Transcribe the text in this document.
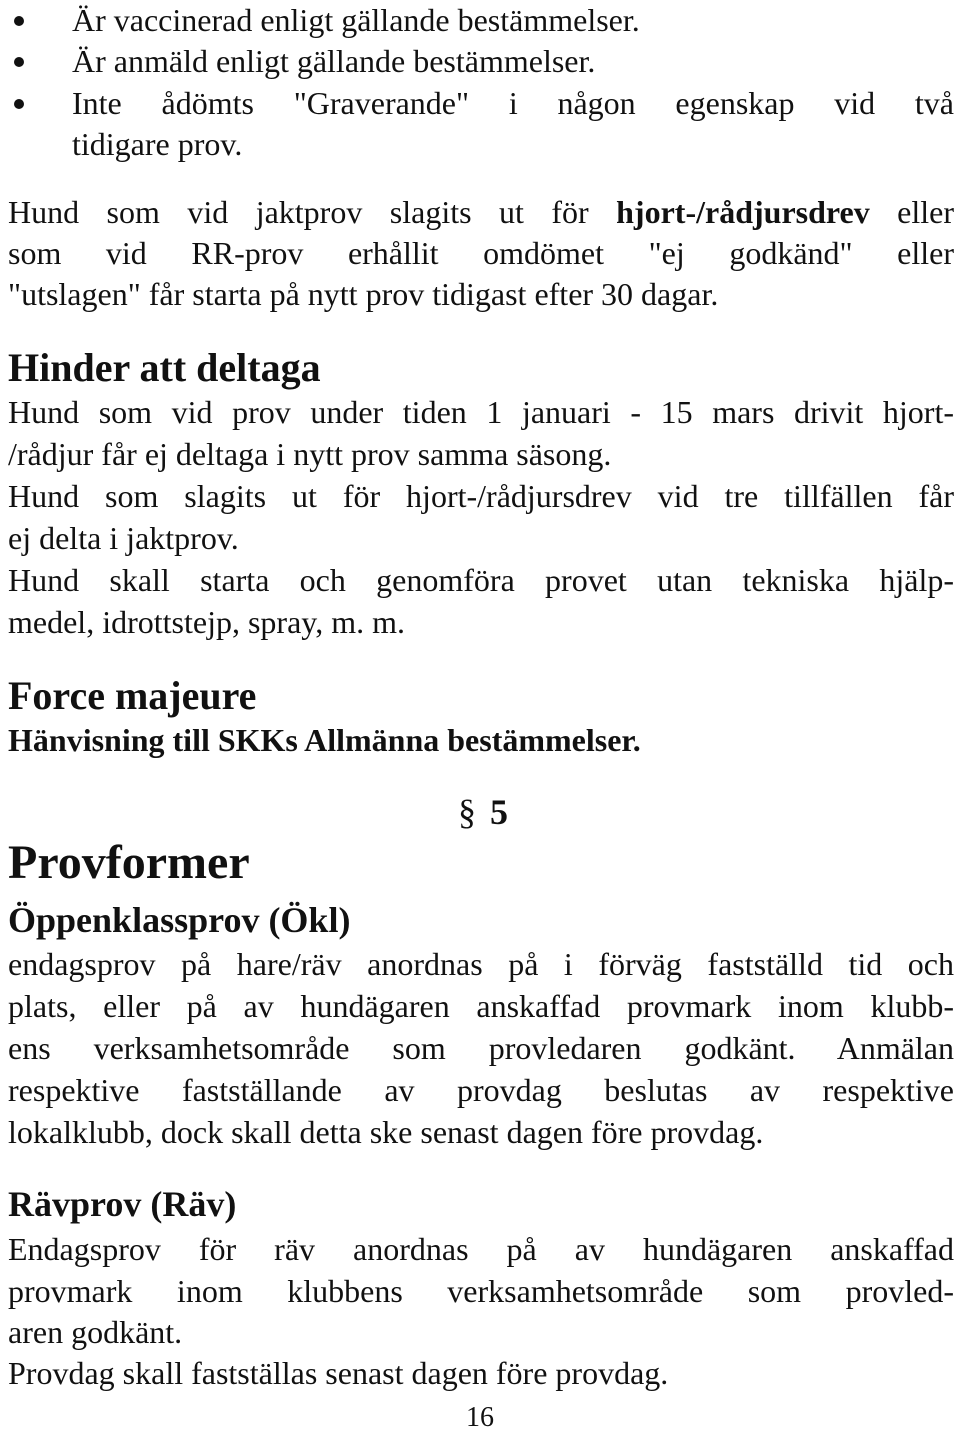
Är vaccinerad enligt gällande bestämmelser.

Är anmäld enligt gällande bestämmelser.

Inte ådömts "Graverande" i någon egenskap vid två

tidigare prov.

Hund som vid jaktprov slagits ut för hjort-/rådjursdrev eller

som vid RR-prov erhållit omdömet "ej godkänd" eller

"utslagen" får starta på nytt prov tidigast efter 30 dagar.

Hinder att deltaga

Hund som vid prov under tiden 1 januari - 15 mars drivit hjort-

/rådjur får ej deltaga i nytt prov samma säsong.

Hund som slagits ut för hjort-/rådjursdrev vid tre tillfällen får

ej delta i jaktprov.

Hund skall starta och genomföra provet utan tekniska hjälp-

medel, idrottstejp, spray, m. m.

Force majeure

Hänvisning till SKKs Allmänna bestämmelser.

§ 5
Provformer
Öppenklassprov (Ökl)

endagsprov på hare/räv anordnas på i förväg fastställd tid och

plats, eller på av hundägaren anskaffad provmark inom klubb-

ens verksamhetsområde som provledaren godkänt. Anmälan

respektive fastställande av provdag beslutas av respektive

lokalklubb, dock skall detta ske senast dagen före provdag.

Rävprov (Räv)

Endagsprov för räv anordnas på av hundägaren anskaffad

provmark inom klubbens verksamhetsområde som provled-

aren godkänt.

Provdag skall fastställas senast dagen före provdag.

16
